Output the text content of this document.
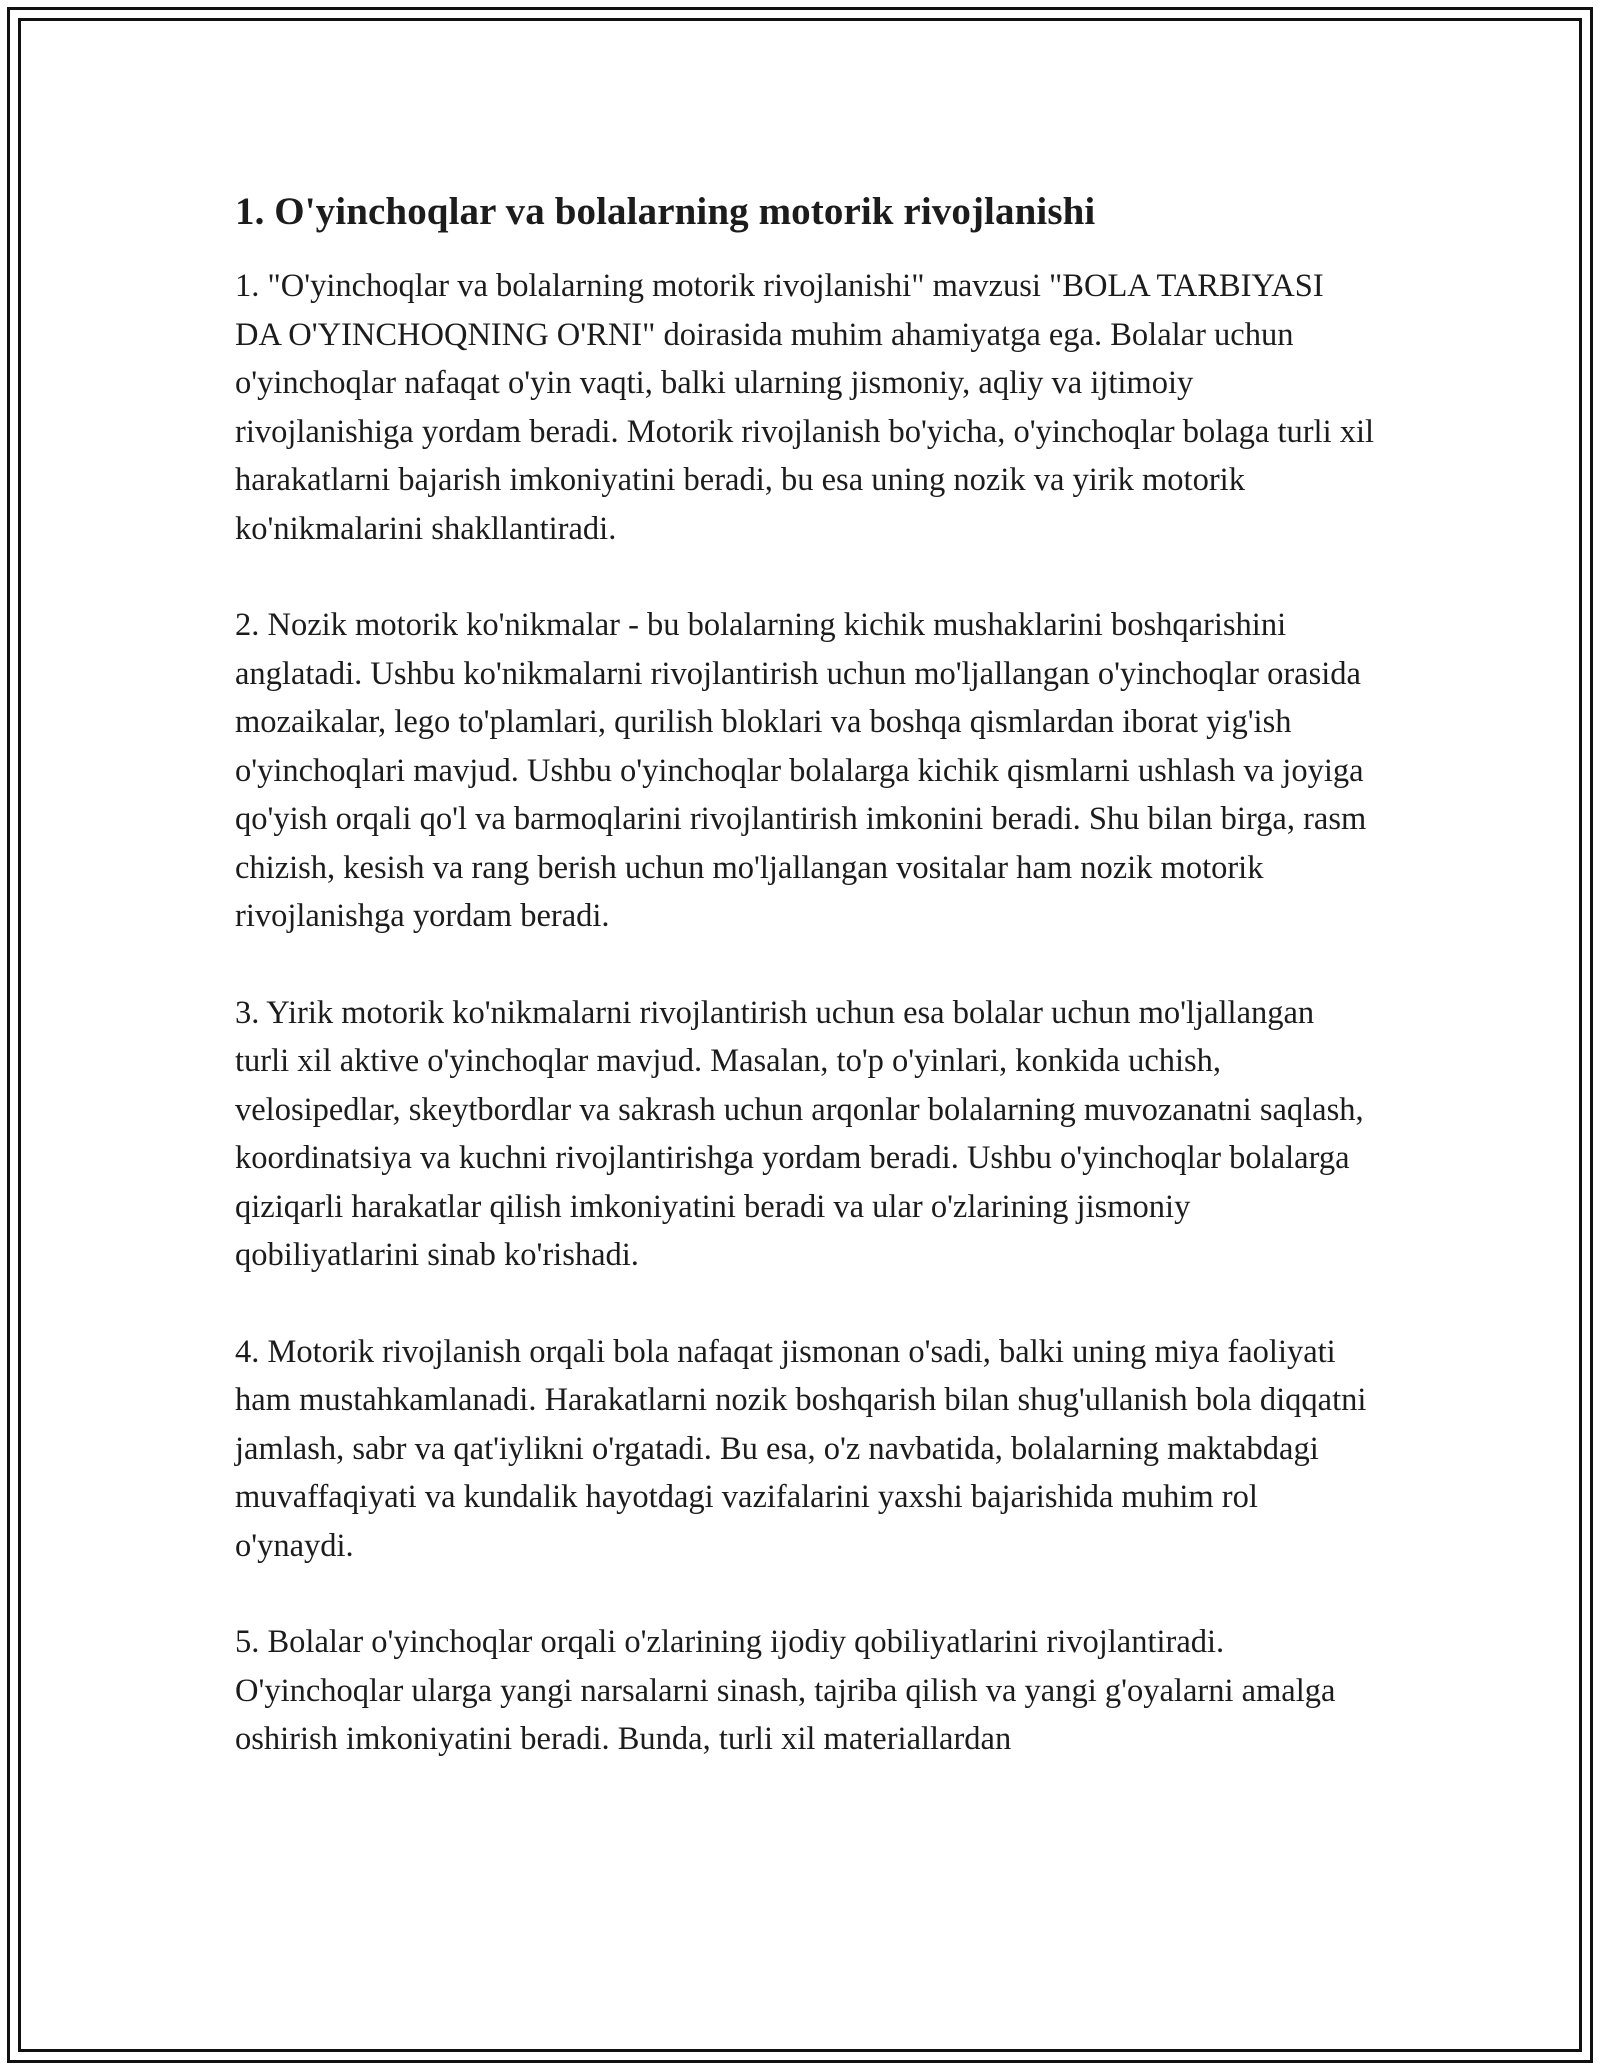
1. O'yinchoqlar va bolalarning motorik rivojlanishi

1. "O'yinchoqlar va bolalarning motorik rivojlanishi" mavzusi "BOLA TARBIYASI DA O'YINCHOQNING O'RNI" doirasida muhim ahamiyatga ega. Bolalar uchun o'yinchoqlar nafaqat o'yin vaqti, balki ularning jismoniy, aqliy va ijtimoiy rivojlanishiga yordam beradi. Motorik rivojlanish bo'yicha, o'yinchoqlar bolaga turli xil harakatlarni bajarish imkoniyatini beradi, bu esa uning nozik va yirik motorik ko'nikmalarini shakllantiradi.

2. Nozik motorik ko'nikmalar - bu bolalarning kichik mushaklarini boshqarishini anglatadi. Ushbu ko'nikmalarni rivojlantirish uchun mo'ljallangan o'yinchoqlar orasida mozaikalar, lego to'plamlari, qurilish bloklari va boshqa qismlardan iborat yig'ish o'yinchoqlari mavjud. Ushbu o'yinchoqlar bolalarga kichik qismlarni ushlash va joyiga qo'yish orqali qo'l va barmoqlarini rivojlantirish imkonini beradi. Shu bilan birga, rasm chizish, kesish va rang berish uchun mo'ljallangan vositalar ham nozik motorik rivojlanishga yordam beradi.

3. Yirik motorik ko'nikmalarni rivojlantirish uchun esa bolalar uchun mo'ljallangan turli xil aktive o'yinchoqlar mavjud. Masalan, to'p o'yinlari, konkida uchish, velosipedlar, skeytbordlar va sakrash uchun arqonlar bolalarning muvozanatni saqlash, koordinatsiya va kuchni rivojlantirishga yordam beradi. Ushbu o'yinchoqlar bolalarga qiziqarli harakatlar qilish imkoniyatini beradi va ular o'zlarining jismoniy qobiliyatlarini sinab ko'rishadi.

4. Motorik rivojlanish orqali bola nafaqat jismonan o'sadi, balki uning miya faoliyati ham mustahkamlanadi. Harakatlarni nozik boshqarish bilan shug'ullanish bola diqqatni jamlash, sabr va qat'iylikni o'rgatadi. Bu esa, o'z navbatida, bolalarning maktabdagi muvaffaqiyati va kundalik hayotdagi vazifalarini yaxshi bajarishida muhim rol o'ynaydi.

5. Bolalar o'yinchoqlar orqali o'zlarining ijodiy qobiliyatlarini rivojlantiradi. O'yinchoqlar ularga yangi narsalarni sinash, tajriba qilish va yangi g'oyalarni amalga oshirish imkoniyatini beradi. Bunda, turli xil materiallardan
